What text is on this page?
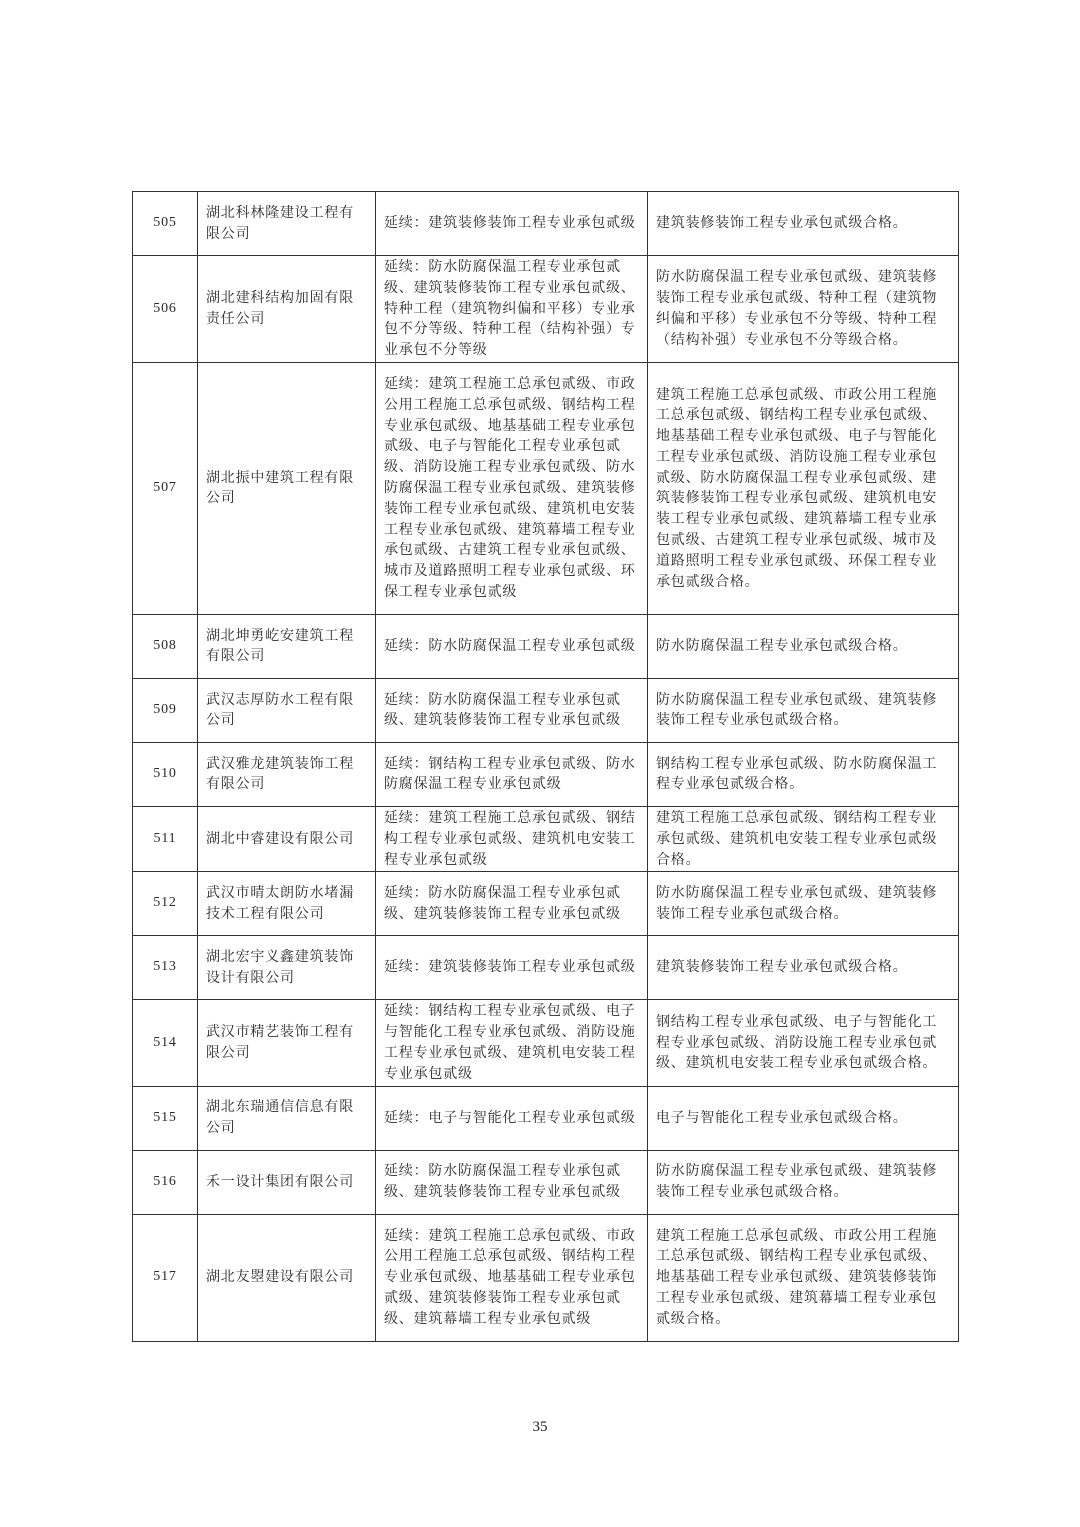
505	湖北科林隆建设工程有限公司	延续：建筑装修装饰工程专业承包贰级	建筑装修装饰工程专业承包贰级合格。
506	湖北建科结构加固有限责任公司	延续：防水防腐保温工程专业承包贰级、建筑装修装饰工程专业承包贰级、特种工程（建筑物纠偏和平移）专业承包不分等级、特种工程（结构补强）专业承包不分等级	防水防腐保温工程专业承包贰级、建筑装修装饰工程专业承包贰级、特种工程（建筑物纠偏和平移）专业承包不分等级、特种工程（结构补强）专业承包不分等级合格。
507	湖北振中建筑工程有限公司	延续：建筑工程施工总承包贰级、市政公用工程施工总承包贰级、钢结构工程专业承包贰级、地基基础工程专业承包贰级、电子与智能化工程专业承包贰级、消防设施工程专业承包贰级、防水防腐保温工程专业承包贰级、建筑装修装饰工程专业承包贰级、建筑机电安装工程专业承包贰级、建筑幕墙工程专业承包贰级、古建筑工程专业承包贰级、城市及道路照明工程专业承包贰级、环保工程专业承包贰级	建筑工程施工总承包贰级、市政公用工程施工总承包贰级、钢结构工程专业承包贰级、地基基础工程专业承包贰级、电子与智能化工程专业承包贰级、消防设施工程专业承包贰级、防水防腐保温工程专业承包贰级、建筑装修装饰工程专业承包贰级、建筑机电安装工程专业承包贰级、建筑幕墙工程专业承包贰级、古建筑工程专业承包贰级、城市及道路照明工程专业承包贰级、环保工程专业承包贰级合格。
508	湖北坤勇屹安建筑工程有限公司	延续：防水防腐保温工程专业承包贰级	防水防腐保温工程专业承包贰级合格。
509	武汉志厚防水工程有限公司	延续：防水防腐保温工程专业承包贰级、建筑装修装饰工程专业承包贰级	防水防腐保温工程专业承包贰级、建筑装修装饰工程专业承包贰级合格。
510	武汉雅龙建筑装饰工程有限公司	延续：钢结构工程专业承包贰级、防水防腐保温工程专业承包贰级	钢结构工程专业承包贰级、防水防腐保温工程专业承包贰级合格。
511	湖北中睿建设有限公司	延续：建筑工程施工总承包贰级、钢结构工程专业承包贰级、建筑机电安装工程专业承包贰级	建筑工程施工总承包贰级、钢结构工程专业承包贰级、建筑机电安装工程专业承包贰级合格。
512	武汉市晴太朗防水堵漏技术工程有限公司	延续：防水防腐保温工程专业承包贰级、建筑装修装饰工程专业承包贰级	防水防腐保温工程专业承包贰级、建筑装修装饰工程专业承包贰级合格。
513	湖北宏宇义鑫建筑装饰设计有限公司	延续：建筑装修装饰工程专业承包贰级	建筑装修装饰工程专业承包贰级合格。
514	武汉市精艺装饰工程有限公司	延续：钢结构工程专业承包贰级、电子与智能化工程专业承包贰级、消防设施工程专业承包贰级、建筑机电安装工程专业承包贰级	钢结构工程专业承包贰级、电子与智能化工程专业承包贰级、消防设施工程专业承包贰级、建筑机电安装工程专业承包贰级合格。
515	湖北东瑞通信信息有限公司	延续：电子与智能化工程专业承包贰级	电子与智能化工程专业承包贰级合格。
516	禾一设计集团有限公司	延续：防水防腐保温工程专业承包贰级、建筑装修装饰工程专业承包贰级	防水防腐保温工程专业承包贰级、建筑装修装饰工程专业承包贰级合格。
517	湖北友曌建设有限公司	延续：建筑工程施工总承包贰级、市政公用工程施工总承包贰级、钢结构工程专业承包贰级、地基基础工程专业承包贰级、建筑装修装饰工程专业承包贰级、建筑幕墙工程专业承包贰级	建筑工程施工总承包贰级、市政公用工程施工总承包贰级、钢结构工程专业承包贰级、地基基础工程专业承包贰级、建筑装修装饰工程专业承包贰级、建筑幕墙工程专业承包贰级合格。
35
